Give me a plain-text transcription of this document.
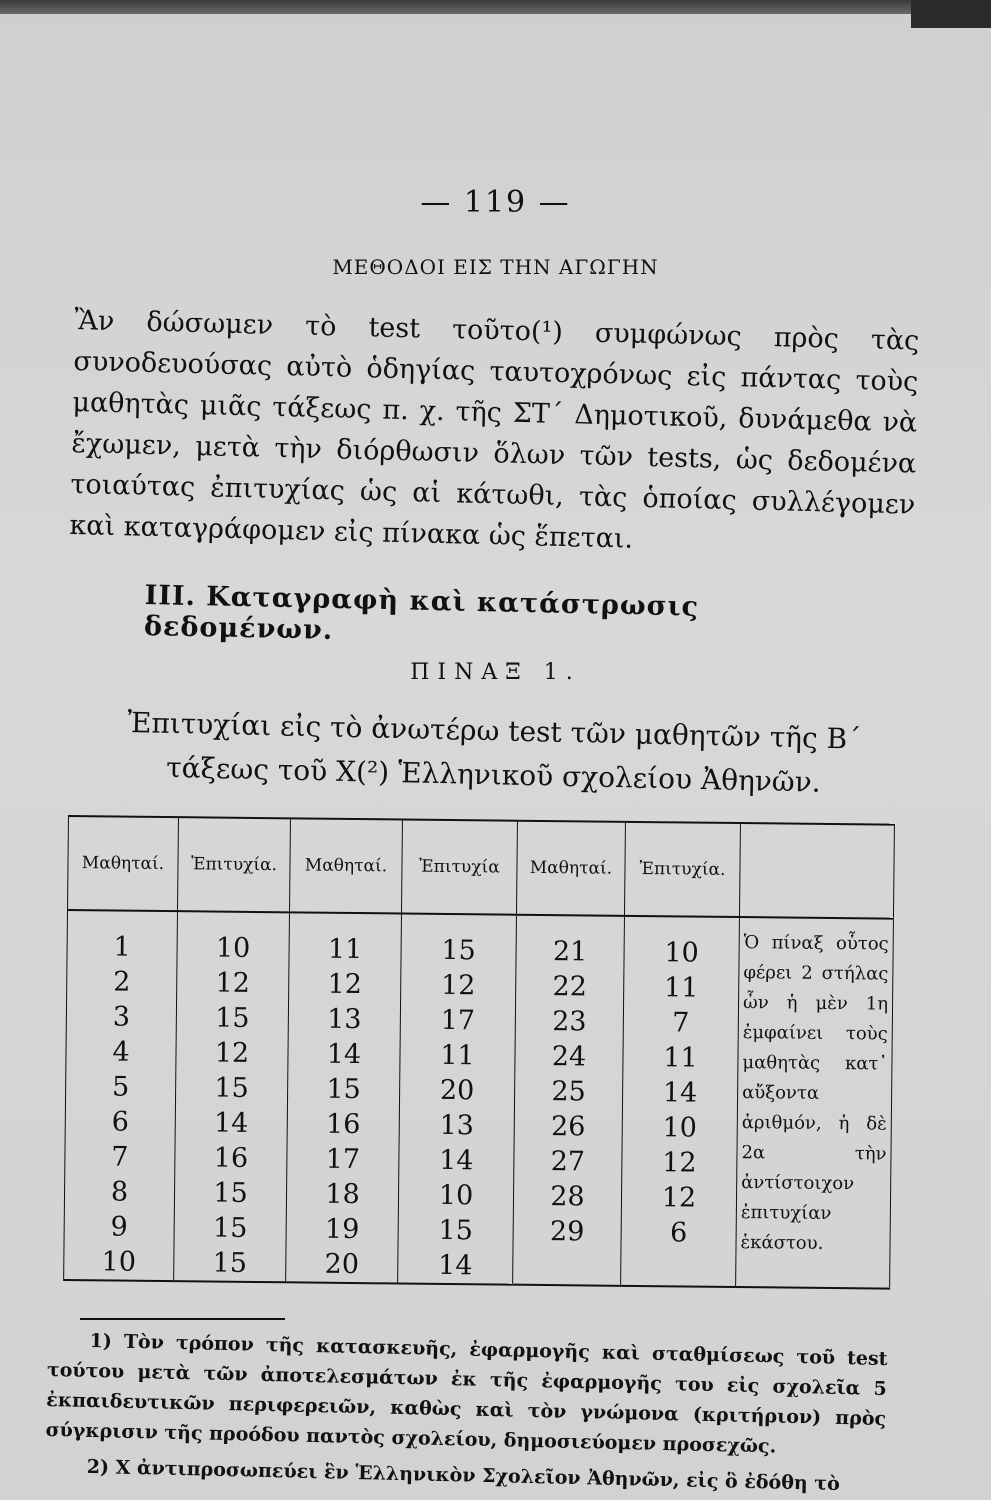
— 119 —
ΜΕΘΟΔΟΙ ΕΙΣ ΤΗΝ ΑΓΩΓΗΝ
Ἂν δώσωμεν τὸ test τοῦτο(¹) συμφώνως πρὸς τὰς συνοδευούσας αὐτὸ ὁδηγίας ταυτοχρόνως εἰς πάντας τοὺς μαθητὰς μιᾶς τάξεως π. χ. τῆς ΣΤ΄ Δημοτικοῦ, δυνάμεθα νὰ ἔχωμεν, μετὰ τὴν διόρθωσιν ὅλων τῶν tests, ὡς δεδομένα τοιαύτας ἐπιτυχίας ὡς αἱ κάτωθι, τὰς ὁποίας συλλέγομεν καὶ καταγράφομεν εἰς πίνακα ὡς ἕπεται.
III. Καταγραφὴ καὶ κατάστρωσις δεδομένων.
ΠΙΝΑΞ 1.
Ἐπιτυχίαι εἰς τὸ ἀνωτέρω test τῶν μαθητῶν τῆς Β΄ τάξεως τοῦ Χ(²) Ἑλληνικοῦ σχολείου Ἀθηνῶν.
Μαθηταί.	Ἐπιτυχία.	Μαθηταί.	Ἐπιτυχία	Μαθηταί.	Ἐπιτυχία.	
1	10	11	15	21	10	Ὁ πίναξ οὗτος φέρει 2 στήλας ὧν ἡ μὲν 1η ἐμφαίνει τοὺς μαθητὰς κατ᾽ αὔξοντα ἀριθμόν, ἡ δὲ 2α τὴν ἀντίστοιχον ἐπιτυχίαν ἑκάστου.
2	12	12	12	22	11	
3	15	13	17	23	7	
4	12	14	11	24	11	
5	15	15	20	25	14	
6	14	16	13	26	10	
7	16	17	14	27	12	
8	15	18	10	28	12	
9	15	19	15	29	6	
10	15	20	14			

1) Τὸν τρόπον τῆς κατασκευῆς, ἐφαρμογῆς καὶ σταθμίσεως τοῦ test τούτου μετὰ τῶν ἀποτελεσμάτων ἐκ τῆς ἐφαρμογῆς του εἰς σχολεῖα 5 ἐκπαιδευτικῶν περιφερειῶν, καθὼς καὶ τὸν γνώμονα (κριτήριον) πρὸς σύγκρισιν τῆς προόδου παντὸς σχολείου, δημοσιεύομεν προσεχῶς.

2) Χ ἀντιπροσωπεύει ἓν Ἑλληνικὸν Σχολεῖον Ἀθηνῶν, εἰς ὃ ἐδόθη τὸ
